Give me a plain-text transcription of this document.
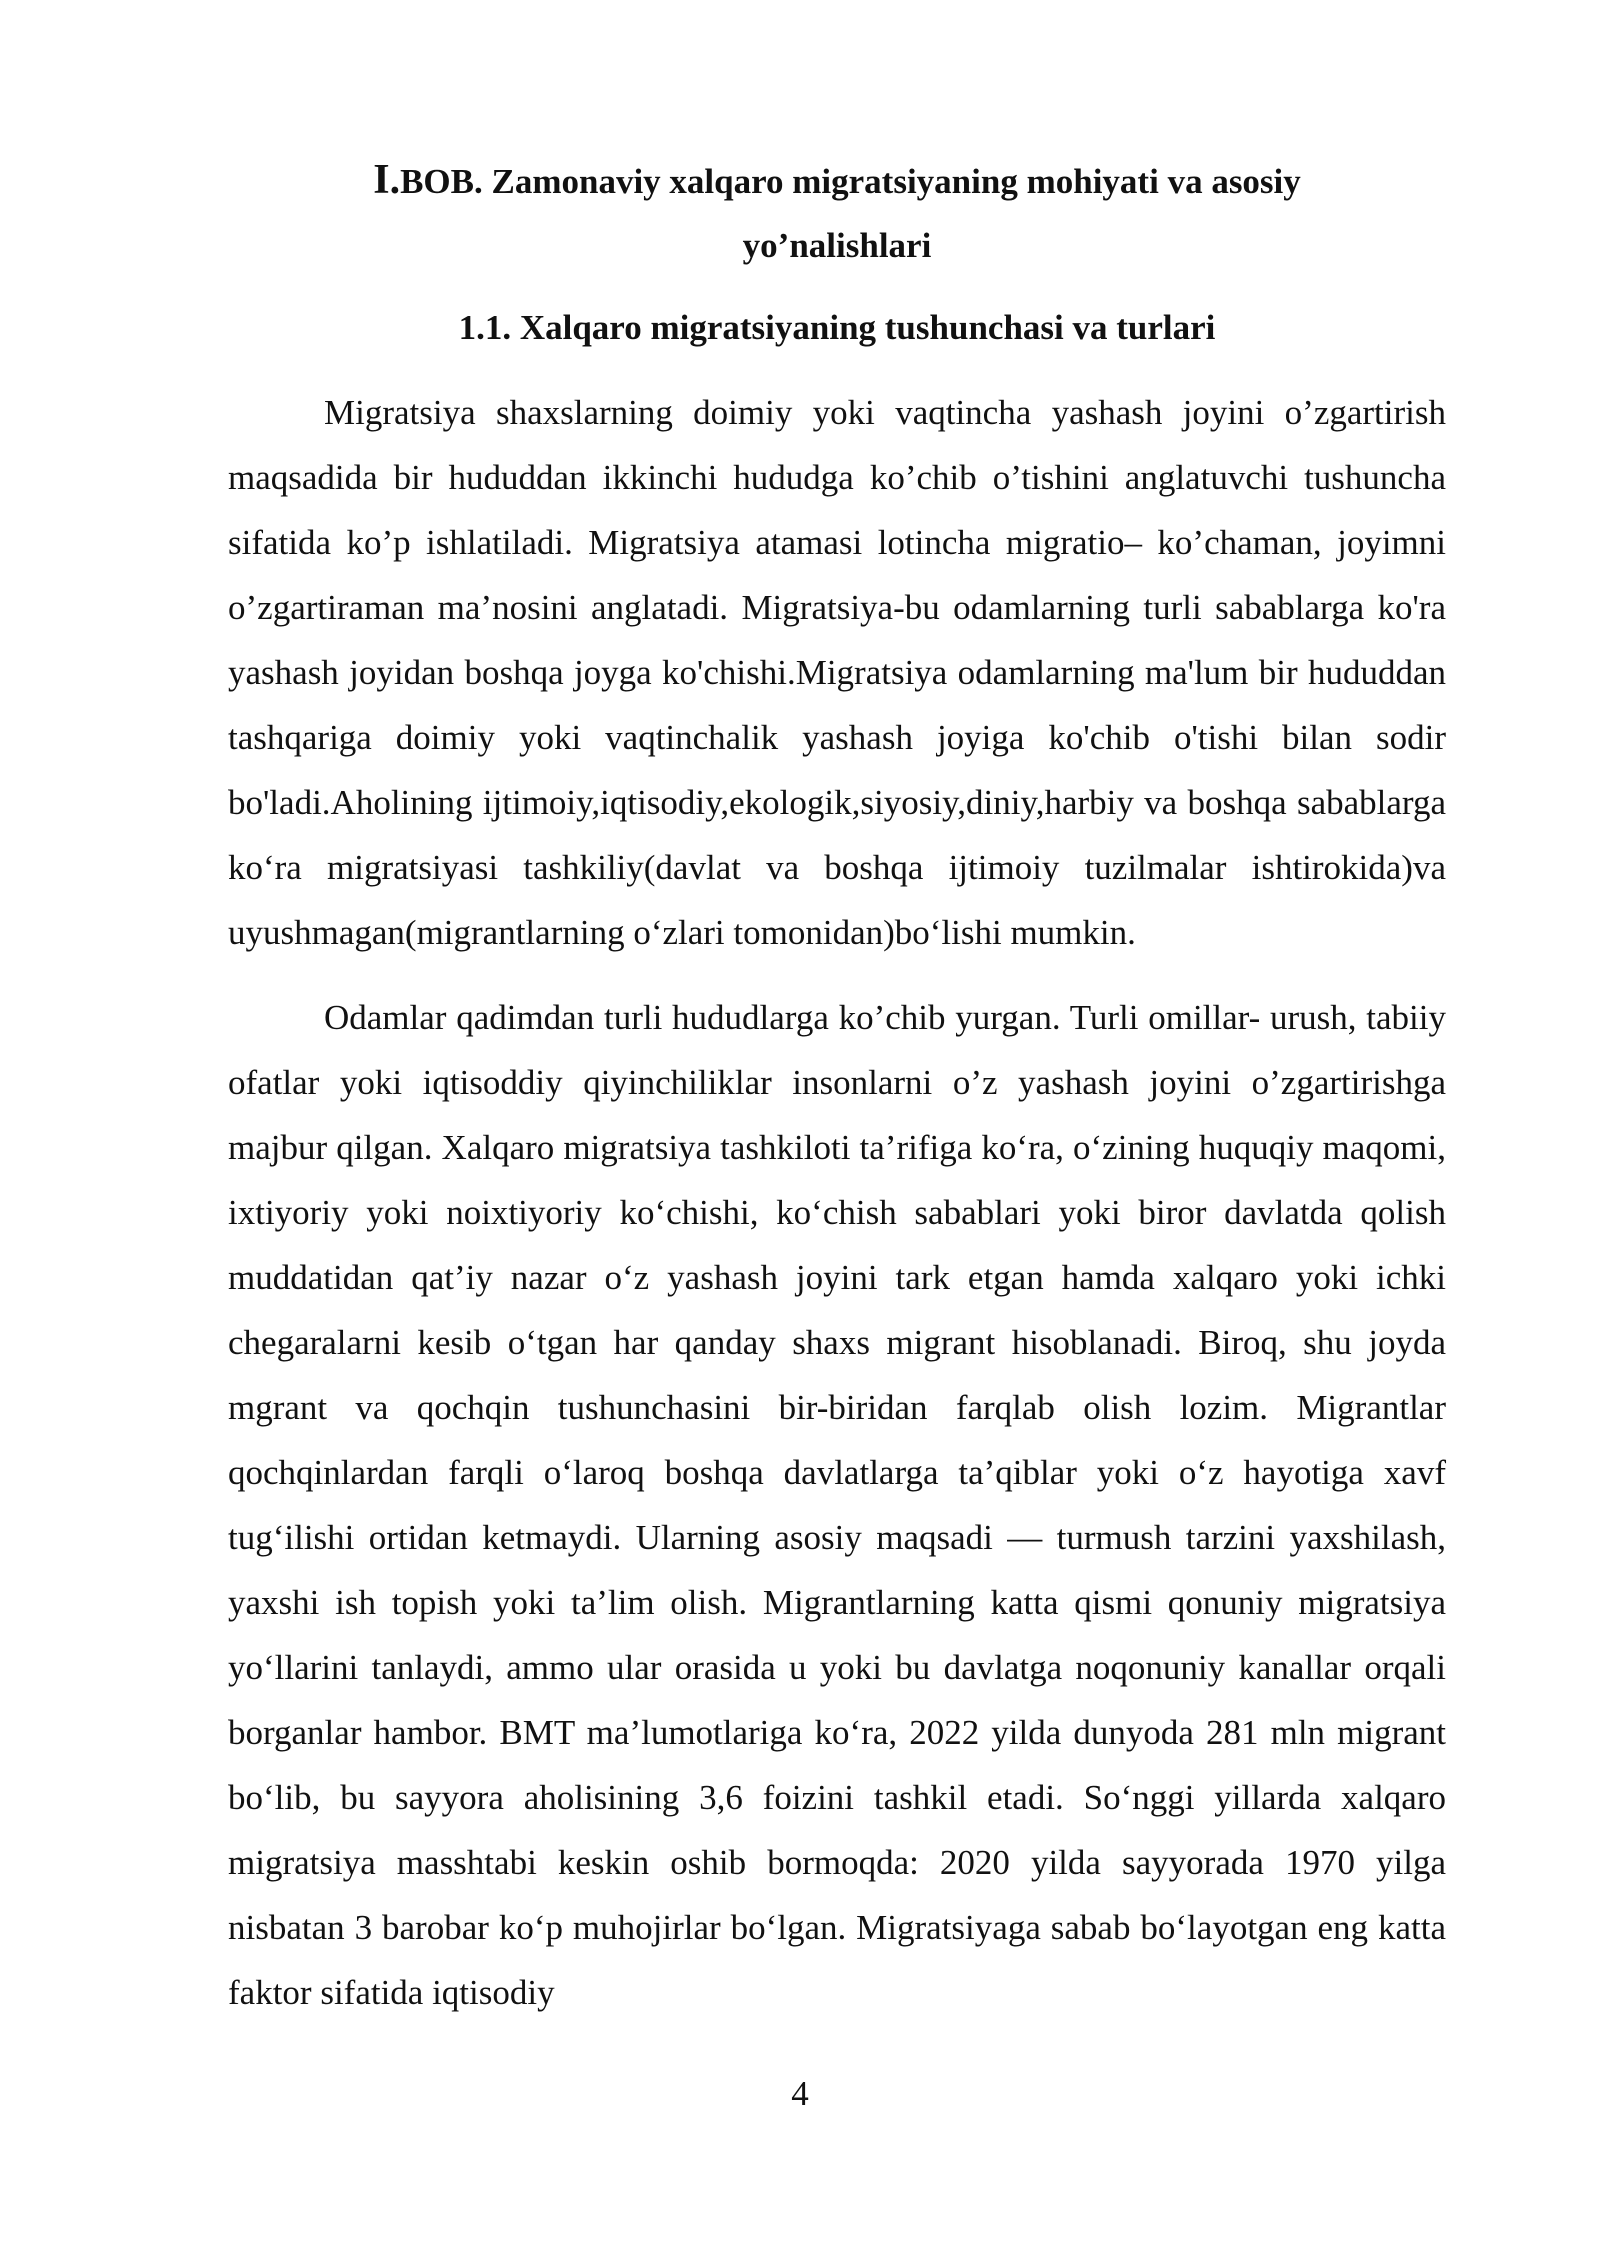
I.BOB. Zamonaviy xalqaro migratsiyaning mohiyati va asosiy
yo’nalishlari
1.1. Xalqaro migratsiyaning tushunchasi va turlari

Migratsiya shaxslarning doimiy yoki vaqtincha yashash joyini o’zgartirish maqsadida bir hududdan ikkinchi hududga ko’chib o’tishini anglatuvchi tushuncha sifatida ko’p ishlatiladi. Migratsiya atamasi lotincha migratio– ko’chaman, joyimni o’zgartiraman ma’nosini anglatadi. Migratsiya-bu odamlarning turli sabablarga ko'ra yashash joyidan boshqa joyga ko'chishi.Migratsiya odamlarning ma'lum bir hududdan tashqariga doimiy yoki vaqtinchalik yashash joyiga ko'chib o'tishi bilan sodir bo'ladi.Aholining ijtimoiy,iqtisodiy,ekologik,siyosiy,diniy,harbiy va boshqa sabablarga ko‘ra migratsiyasi tashkiliy(davlat va boshqa ijtimoiy tuzilmalar ishtirokida)va uyushmagan(migrantlarning o‘zlari tomonidan)bo‘lishi mumkin.

Odamlar qadimdan turli hududlarga ko’chib yurgan. Turli omillar- urush, tabiiy ofatlar yoki iqtisoddiy qiyinchiliklar insonlarni o’z yashash joyini o’zgartirishga majbur qilgan. Xalqaro migratsiya tashkiloti ta’rifiga ko‘ra, o‘zining huquqiy maqomi, ixtiyoriy yoki noixtiyoriy ko‘chishi, ko‘chish sabablari yoki biror davlatda qolish muddatidan qat’iy nazar o‘z yashash joyini tark etgan hamda xalqaro yoki ichki chegaralarni kesib o‘tgan har qanday shaxs migrant hisoblanadi. Biroq, shu joyda mgrant va qochqin tushunchasini bir-biridan farqlab olish lozim. Migrantlar qochqinlardan farqli o‘laroq boshqa davlatlarga ta’qiblar yoki o‘z hayotiga xavf tug‘ilishi ortidan ketmaydi. Ularning asosiy maqsadi — turmush tarzini yaxshilash, yaxshi ish topish yoki ta’lim olish. Migrantlarning katta qismi qonuniy migratsiya yo‘llarini tanlaydi, ammo ular orasida u yoki bu davlatga noqonuniy kanallar orqali borganlar hambor. BMT ma’lumotlariga ko‘ra, 2022 yilda dunyoda 281 mln migrant bo‘lib, bu sayyora aholisining 3,6 foizini tashkil etadi. So‘nggi yillarda xalqaro migratsiya masshtabi keskin oshib bormoqda: 2020 yilda sayyorada 1970 yilga nisbatan 3 barobar ko‘p muhojirlar bo‘lgan. Migratsiyaga sabab bo‘layotgan eng katta faktor sifatida iqtisodiy

4
